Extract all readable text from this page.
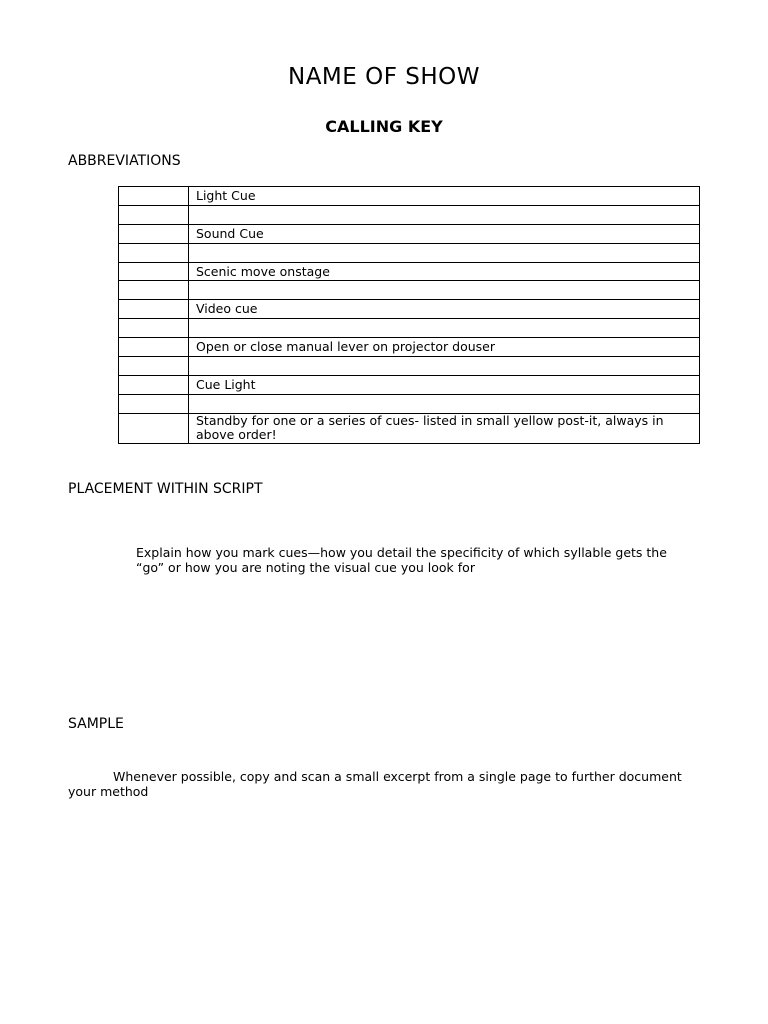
NAME OF SHOW
CALLING KEY
ABBREVIATIONS
	Light Cue

	Sound Cue

	Scenic move onstage

	Video cue

	Open or close manual lever on projector douser

	Cue Light

	Standby for one or a series of cues- listed in small yellow post-it, always in above order!
PLACEMENT WITHIN SCRIPT
Explain how you mark cues—how you detail the specificity of which syllable gets the “go” or how you are noting the visual cue you look for
SAMPLE
Whenever possible, copy and scan a small excerpt from a single page to further document your method
